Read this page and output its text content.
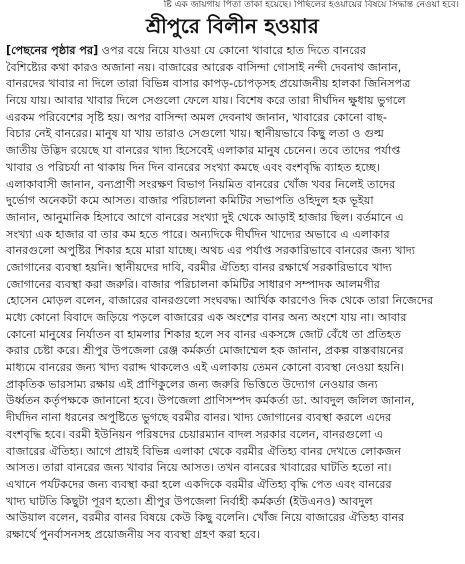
ষ্টি এক জায়গায় পিতা তাকা হয়েছে। পিছিলের হওয়ায়ের বিষয়ে সিদ্ধান্ত নেওয়া হবে।
শ্রীপুরে বিলীন হওয়ার
[পেছনের পৃষ্ঠার পর] ওপর বয়ে নিয়ে যাওয়া যে কোনো খাবারে হাত দিতে বানরের
বৈশিষ্ট্যের কথা কারও অজানা নয়। বাজারের আরেক বাসিন্দা গোসাই নন্দী দেবনাথ জানান,
বানরদের খাবার না দিলে তারা বিভিন্ন বাসার কাপড়-চোপড়সহ প্রয়োজনীয় হালকা জিনিসপত্র
নিয়ে যায়। আবার খাবার দিলে সেগুলো ফেলে যায়। বিশেষ করে তারা দীর্ঘদিন ক্ষুধায় ভুগলে
এরকম পরিবেশের সৃষ্টি হয়। অপর বাসিন্দা অমল দেবনাথ জানান, খাবারের কোনো বাছ-
বিচার নেই বানরের। মানুষ যা খায় তারাও সেগুলো খায়। স্থানীয়ভাবে কিছু লতা ও গুল্ম
জাতীয় উদ্ভিদ রয়েছে যা বানরের খাদ্য হিসেবেই এলাকার মানুষ চেনেন। তবে তাদের পর্যাপ্ত
খাবার ও পরিচর্যা না থাকায় দিন দিন বানরের সংখ্যা কমছে এবং বংশবৃদ্ধি ব্যাহত হচ্ছে।
এলাকাবাসী জানান, বন্যপ্রাণী সংরক্ষণ বিভাগ নিয়মিত বানরের খোঁজ খবর নিলেই তাদের
দুর্ভোগ অনেকটা কমে আসত। বাজার পরিচালনা কমিটির সভাপতি ওহিদুল হক ভূইয়া
জানান, আনুমানিক হিসাবে আগে বানরের সংখ্যা দুই থেকে আড়াই হাজার ছিল। বর্তমানে এ
সংখ্যা এক হাজার বা তার কম হতে পারে। অন্যদিকে দীর্ঘদিন খাদ্যের অভাবে এ এলাকার
বানরগুলো অপুষ্টির শিকার হয়ে মারা যাচ্ছে। অথচ এর পর্যাপ্ত সরকারিভাবে বানরের জন্য খাদ্য
জোগানের ব্যবস্থা হয়নি। স্থানীয়দের দাবি, বরমীর ঐতিহ্য বানর রক্ষার্থে সরকারিভাবে খাদ্য
জোগানের ব্যবস্থা করা জরুরি। বাজার পরিচালনা কমিটির সাধারণ সম্পাদক আলমগীর
হোসেন মোড়ল বলেন, বাজারের বানরগুলো সংঘবদ্ধ। আর্থিক কারণেও দিক থেকে তারা নিজেদের
মধ্যে কোনো বিবাদে জড়িয়ে পড়লে বাজারের এক অংশের বানর অন্য অংশে যায় না। আবার
কোনো মানুষের নির্যাতন বা হামলার শিকার হলে সব বানর একসঙ্গে জোট বেঁধে তা প্রতিহত
করার চেষ্টা করে। শ্রীপুর উপজেলা রেঞ্জ কর্মকর্তা মোজাম্মেল হক জানান, প্রকল্প বাস্তবায়নের
মাধ্যমে বানরের জন্য খাদ্য বরাদ্দ থাকলেও এই এলাকায় তেমন কোনো ব্যবস্থা নেওয়া হয়নি।
প্রাকৃতিক ভারসাম্য রক্ষায় এই প্রাণিকুলের জন্য জরুরি ভিত্তিতে উদ্যোগ নেওয়ার জন্য
উর্ধ্বতন কর্তৃপক্ষকে জানানো হবে। উপজেলা প্রাণিসম্পদ কর্মকর্তা ডা. আবদুল জলিল জানান,
দীর্ঘদিন নানা ধরনের অপুষ্টিতে ভুগছে বরমীর বানর। খাদ্য জোগানের ব্যবস্থা করলে এদের
বংশবৃদ্ধি হবে। বরমী ইউনিয়ন পরিষদের চেয়ারম্যান বাদল সরকার বলেন, বানরগুলো এ
বাজারের ঐতিহ্য। আগে প্রায়ই বিভিন্ন এলাকা থেকে বরমীর ঐতিহ্য বানর দেখতে লোকজন
আসত। তারা বানরের জন্য খাবার নিয়ে আসত। তখন বানরের খাবারের ঘাটতি হতো না।
এখানে পর্যটকদের জন্য ব্যবস্থা করা হলে একদিকে বরমীর ঐতিহ্য বৃদ্ধি পেত এবং বানরের
খাদ্য ঘাটতি কিছুটা পূরণ হতো। শ্রীপুর উপজেলা নির্বাহী কর্মকর্তা (ইউএনও) আবদুল
আউয়াল বলেন, বরমীর বানর বিষয়ে কেউ কিছু বলেনি। খোঁজ নিয়ে বাজারের ঐতিহ্য বানর
রক্ষার্থে পুনর্বাসনসহ প্রয়োজনীয় সব ব্যবস্থা গ্রহণ করা হবে।
